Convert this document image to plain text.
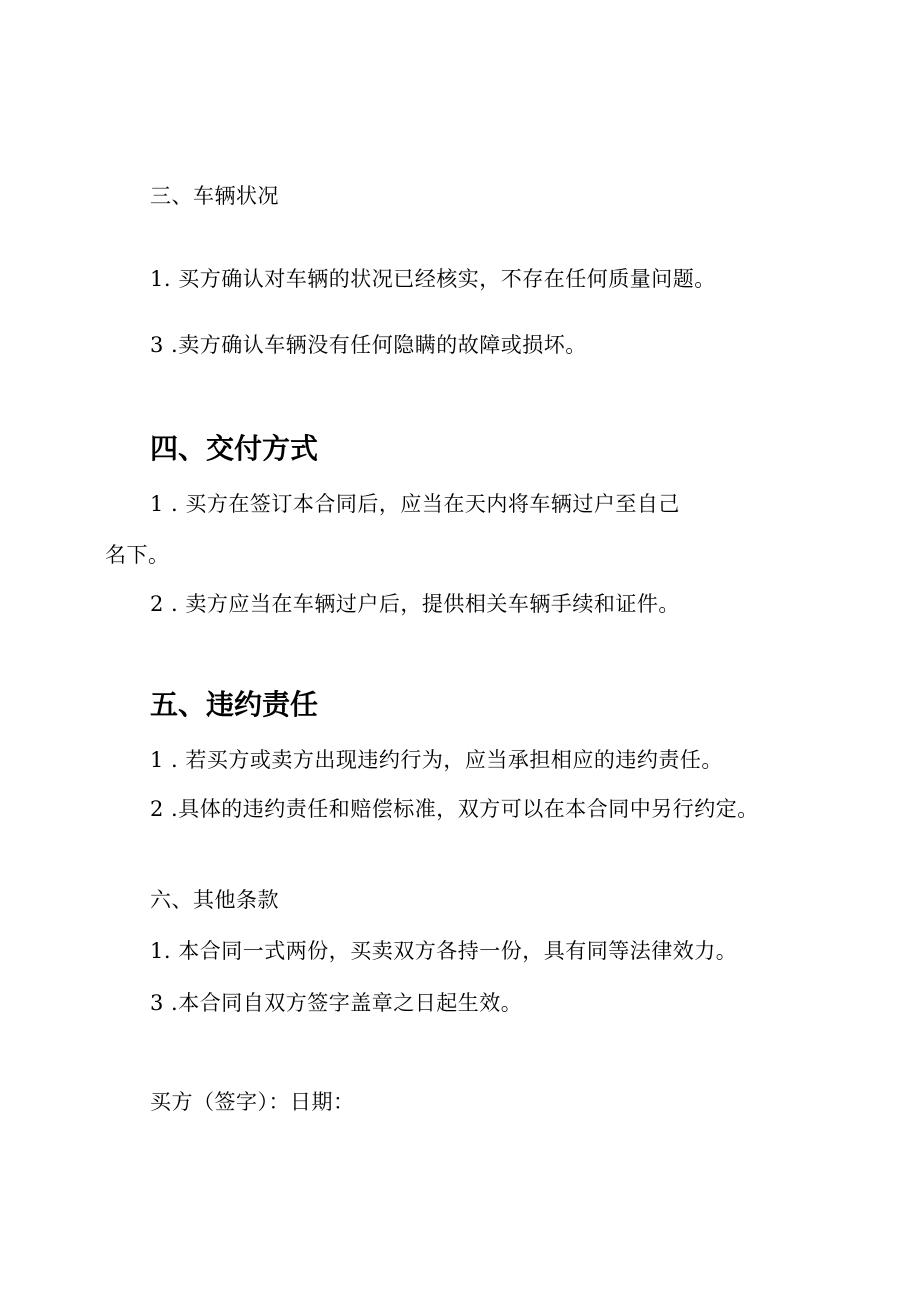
三、车辆状况
1. 买方确认对车辆的状况已经核实，不存在任何质量问题。
3 .卖方确认车辆没有任何隐瞒的故障或损坏。
四、交付方式
1 . 买方在签订本合同后，应当在天内将车辆过户至自己
名下。
2 . 卖方应当在车辆过户后，提供相关车辆手续和证件。
五、违约责任
1 . 若买方或卖方出现违约行为，应当承担相应的违约责任。
2 .具体的违约责任和赔偿标准，双方可以在本合同中另行约定。
六、其他条款
1. 本合同一式两份，买卖双方各持一份，具有同等法律效力。
3 .本合同自双方签字盖章之日起生效。
买方（签字）：日期：
